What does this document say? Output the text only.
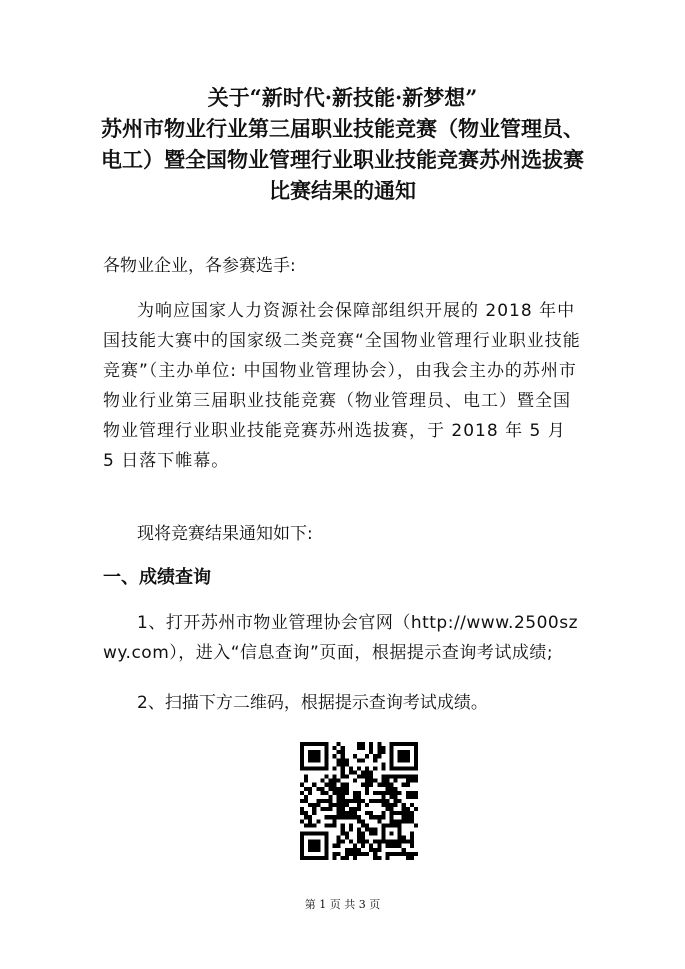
关于“新时代·新技能·新梦想”
苏州市物业行业第三届职业技能竞赛（物业管理员、
电工）暨全国物业管理行业职业技能竞赛苏州选拔赛
比赛结果的通知
各物业企业，各参赛选手:
为响应国家人力资源社会保障部组织开展的 2018 年中国技能大赛中的国家级二类竞赛“全国物业管理行业职业技能竞赛”（主办单位: 中国物业管理协会），由我会主办的苏州市物业行业第三届职业技能竞赛（物业管理员、电工）暨全国物业管理行业职业技能竞赛苏州选拔赛，于 2018 年 5 月 5 日落下帷幕。
现将竞赛结果通知如下:
一、成绩查询
1、打开苏州市物业管理协会官网（http://www.2500szwy.com），进入“信息查询”页面，根据提示查询考试成绩;
2、扫描下方二维码，根据提示查询考试成绩。
第 1 页 共 3 页
